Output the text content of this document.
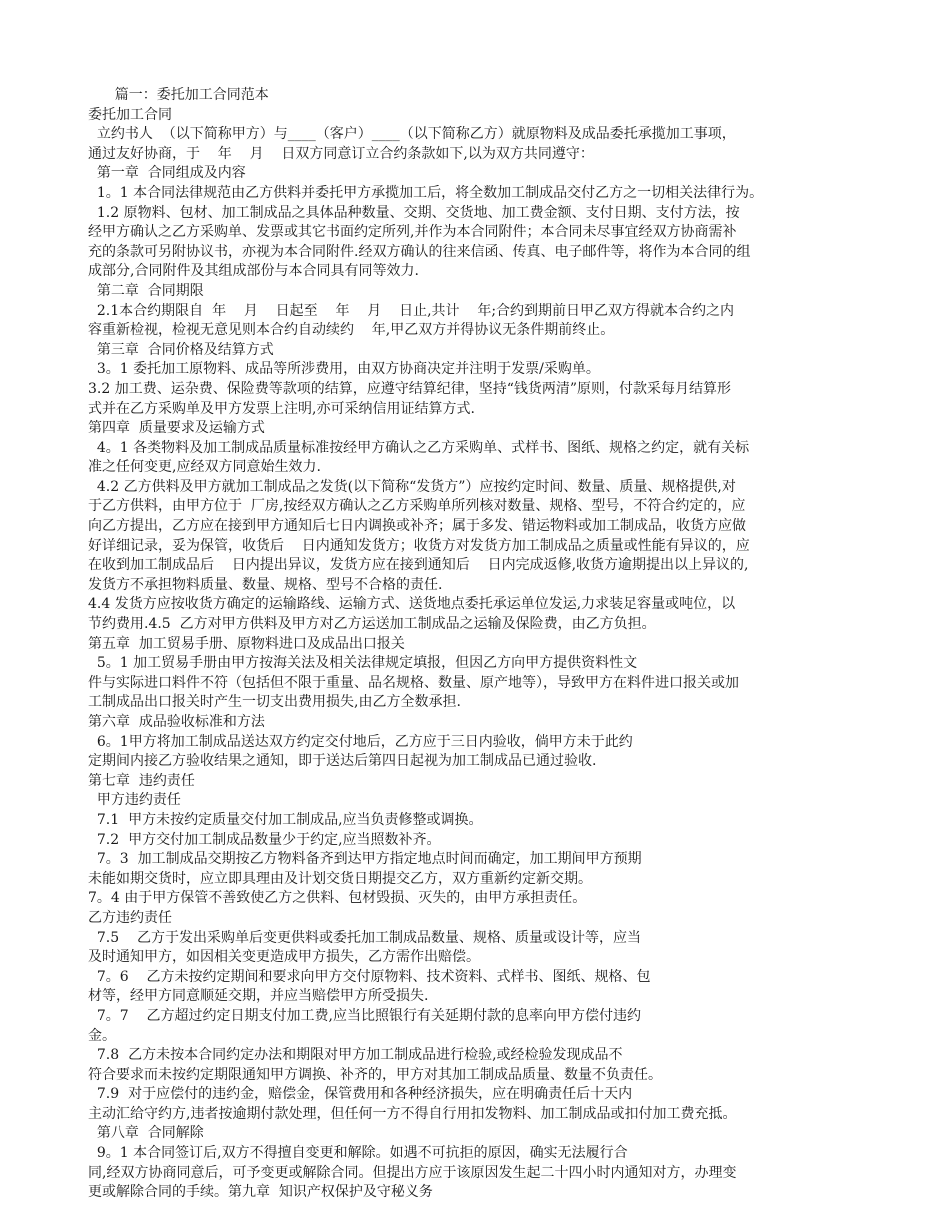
篇一：委托加工合同范本
委托加工合同
立约书人  （以下简称甲方）与____（客户）____（以下简称乙方）就原物料及成品委托承揽加工事项，
通过友好协商，于    年    月    日双方同意订立合约条款如下,以为双方共同遵守：
第一章  合同组成及内容
1。1 本合同法律规范由乙方供料并委托甲方承揽加工后，将全数加工制成品交付乙方之一切相关法律行为。
1.2 原物料、包材、加工制成品之具体品种数量、交期、交货地、加工费金额、支付日期、支付方法，按
经甲方确认之乙方采购单、发票或其它书面约定所列,并作为本合同附件；本合同未尽事宜经双方协商需补
充的条款可另附协议书，亦视为本合同附件.经双方确认的往来信函、传真、电子邮件等，将作为本合同的组
成部分,合同附件及其组成部份与本合同具有同等效力.
第二章  合同期限
2.1本合约期限自  年    月    日起至    年    月    日止,共计    年;合约到期前日甲乙双方得就本合约之内
容重新检视，检视无意见则本合约自动续约    年,甲乙双方并得协议无条件期前终止。
第三章  合同价格及结算方式
3。1 委托加工原物料、成品等所涉费用，由双方协商决定并注明于发票/采购单。
3.2 加工费、运杂费、保险费等款项的结算，应遵守结算纪律，坚持“钱货两清”原则，付款采每月结算形
式并在乙方采购单及甲方发票上注明,亦可采纳信用证结算方式.
第四章  质量要求及运输方式
4。1 各类物料及加工制成品质量标准按经甲方确认之乙方采购单、式样书、图纸、规格之约定，就有关标
准之任何变更,应经双方同意始生效力.
4.2 乙方供料及甲方就加工制成品之发货(以下简称“发货方”）应按约定时间、数量、质量、规格提供,对
于乙方供料，由甲方位于  厂房,按经双方确认之乙方采购单所列核对数量、规格、型号，不符合约定的，应
向乙方提出，乙方应在接到甲方通知后七日内调换或补齐；属于多发、错运物料或加工制成品，收货方应做
好详细记录，妥为保管，收货后    日内通知发货方；收货方对发货方加工制成品之质量或性能有异议的，应
在收到加工制成品后    日内提出异议，发货方应在接到通知后    日内完成返修,收货方逾期提出以上异议的,
发货方不承担物料质量、数量、规格、型号不合格的责任.
4.4 发货方应按收货方确定的运输路线、运输方式、送货地点委托承运单位发运,力求装足容量或吨位，以
节约费用.4.5  乙方对甲方供料及甲方对乙方运送加工制成品之运输及保险费，由乙方负担。
第五章  加工贸易手册、原物料进口及成品出口报关
5。1 加工贸易手册由甲方按海关法及相关法律规定填报，但因乙方向甲方提供资料性文
件与实际进口料件不符（包括但不限于重量、品名规格、数量、原产地等），导致甲方在料件进口报关或加
工制成品出口报关时产生一切支出费用损失,由乙方全数承担.
第六章  成品验收标准和方法
6。1甲方将加工制成品送达双方约定交付地后，乙方应于三日内验收，倘甲方未于此约
定期间内接乙方验收结果之通知，即于送达后第四日起视为加工制成品已通过验收.
第七章  违约责任
甲方违约责任
7.1  甲方未按约定质量交付加工制成品,应当负责修整或调换。
7.2  甲方交付加工制成品数量少于约定,应当照数补齐。
7。3  加工制成品交期按乙方物料备齐到达甲方指定地点时间而确定，加工期间甲方预期
未能如期交货时，应立即具理由及计划交货日期提交乙方，双方重新约定新交期。
7。4 由于甲方保管不善致使乙方之供料、包材毁损、灭失的，由甲方承担责任。
乙方违约责任
7.5    乙方于发出采购单后变更供料或委托加工制成品数量、规格、质量或设计等，应当
及时通知甲方，如因相关变更造成甲方损失，乙方需作出赔偿。
7。6    乙方未按约定期间和要求向甲方交付原物料、技术资料、式样书、图纸、规格、包
材等，经甲方同意顺延交期，并应当赔偿甲方所受损失.
7。7    乙方超过约定日期支付加工费,应当比照银行有关延期付款的息率向甲方偿付违约
金。
7.8  乙方未按本合同约定办法和期限对甲方加工制成品进行检验,或经检验发现成品不
符合要求而未按约定期限通知甲方调换、补齐的，甲方对其加工制成品质量、数量不负责任。
7.9  对于应偿付的违约金，赔偿金，保管费用和各种经济损失，应在明确责任后十天内
主动汇给守约方,违者按逾期付款处理，但任何一方不得自行用扣发物料、加工制成品或扣付加工费充抵。
第八章  合同解除
9。1 本合同签订后,双方不得擅自变更和解除。如遇不可抗拒的原因，确实无法履行合
同,经双方协商同意后，可予变更或解除合同。但提出方应于该原因发生起二十四小时内通知对方，办理变
更或解除合同的手续。第九章  知识产权保护及守秘义务
